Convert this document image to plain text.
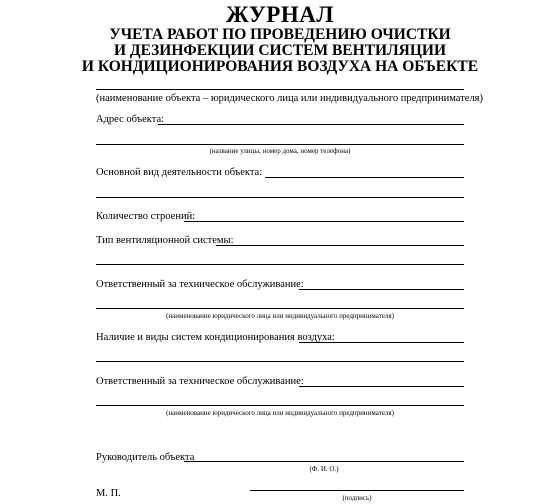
ЖУРНАЛ
УЧЕТА РАБОТ ПО ПРОВЕДЕНИЮ ОЧИСТКИ
И ДЕЗИНФЕКЦИИ СИСТЕМ ВЕНТИЛЯЦИИ
И КОНДИЦИОНИРОВАНИЯ ВОЗДУХА НА ОБЪЕКТЕ
(наименование объекта – юридического лица или индивидуального предпринимателя)
Адрес объекта:
(название улицы, номер дома, номер телефона)
Основной вид деятельности объекта:
Количество строений:
Тип вентиляционной системы:
Ответственный за техническое обслуживание:
(наименование юридического лица или индивидуального предпринимателя)
Наличие и виды систем кондиционирования воздуха:
Ответственный за техническое обслуживание:
(наименование юридического лица или индивидуального предпринимателя)
Руководитель объекта
(Ф. И. О.)
М. П.	(подпись)
